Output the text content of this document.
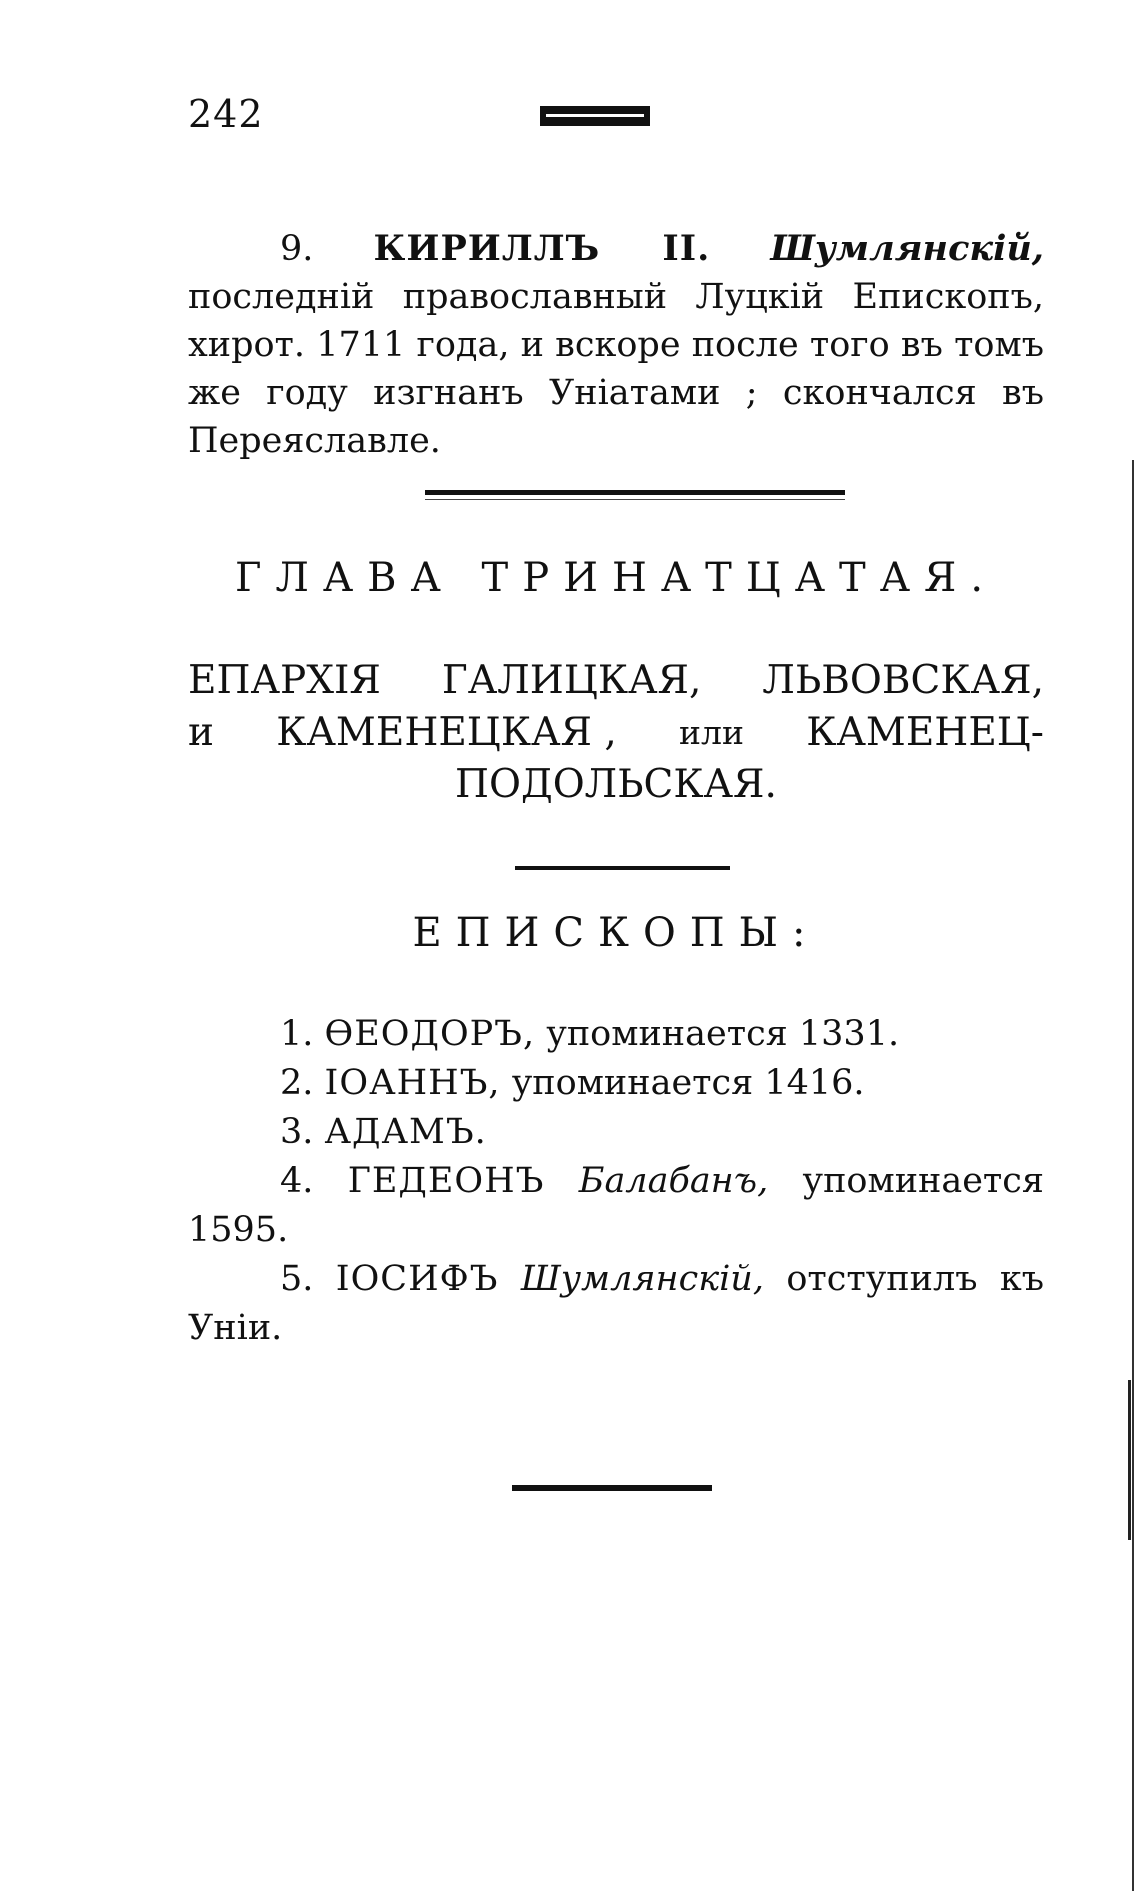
242

9. КИРИЛЛЪ II. Шумлянскій, последній православный Луцкій Епископъ, хирот. 1711 года, и вскоре после того въ томъ же году изгнанъ Уніатами ; скончался въ Переяславле.

ГЛАВА ТРИНАТЦАТАЯ.
ЕПАРХІЯ ГАЛИЦКАЯ, ЛЬВОВСКАЯ,
и КАМЕНЕЦКАЯ , или КАМЕНЕЦ-
ПОДОЛЬСКАЯ.
ЕПИСКОПЫ:

1. ѲЕОДОРЪ, упоминается 1331.

2. ІОАННЪ, упоминается 1416.

3. АДАМЪ.

4. ГЕДЕОНЪ Балабанъ, упоминается 1595.

5. ІОСИФЪ Шумлянскій, отступилъ къ Уніи.
